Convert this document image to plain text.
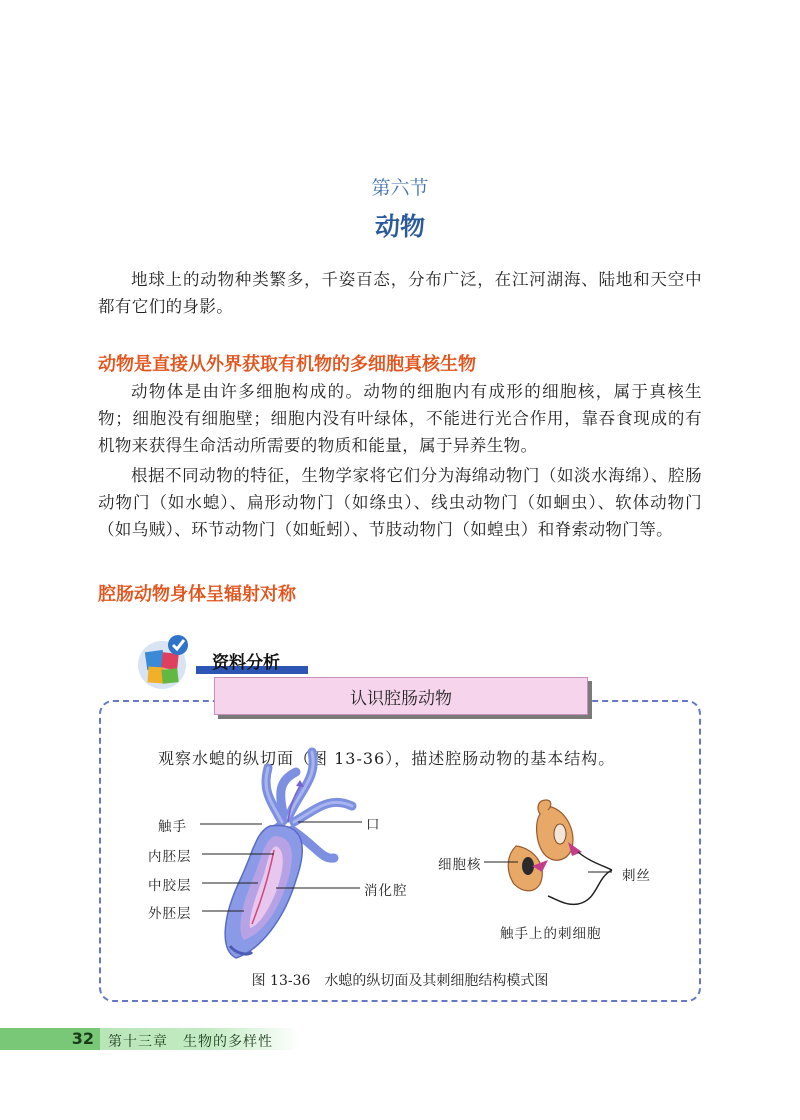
第六节
动物

地球上的动物种类繁多，千姿百态，分布广泛，在江河湖海、陆地和天空中都有它们的身影。

动物是直接从外界获取有机物的多细胞真核生物

动物体是由许多细胞构成的。动物的细胞内有成形的细胞核，属于真核生物；细胞没有细胞壁；细胞内没有叶绿体，不能进行光合作用，靠吞食现成的有机物来获得生命活动所需要的物质和能量，属于异养生物。

根据不同动物的特征，生物学家将它们分为海绵动物门（如淡水海绵）、腔肠动物门（如水螅）、扁形动物门（如绦虫）、线虫动物门（如蛔虫）、软体动物门（如乌贼）、环节动物门（如蚯蚓）、节肢动物门（如蝗虫）和脊索动物门等。

腔肠动物身体呈辐射对称
资料分析
认识腔肠动物
观察水螅的纵切面（图 13-36），描述腔肠动物的基本结构。
触手
内胚层
中胶层
外胚层
口
消化腔
细胞核
刺丝
触手上的刺细胞
图 13-36　水螅的纵切面及其刺细胞结构模式图
32	第十三章　生物的多样性
